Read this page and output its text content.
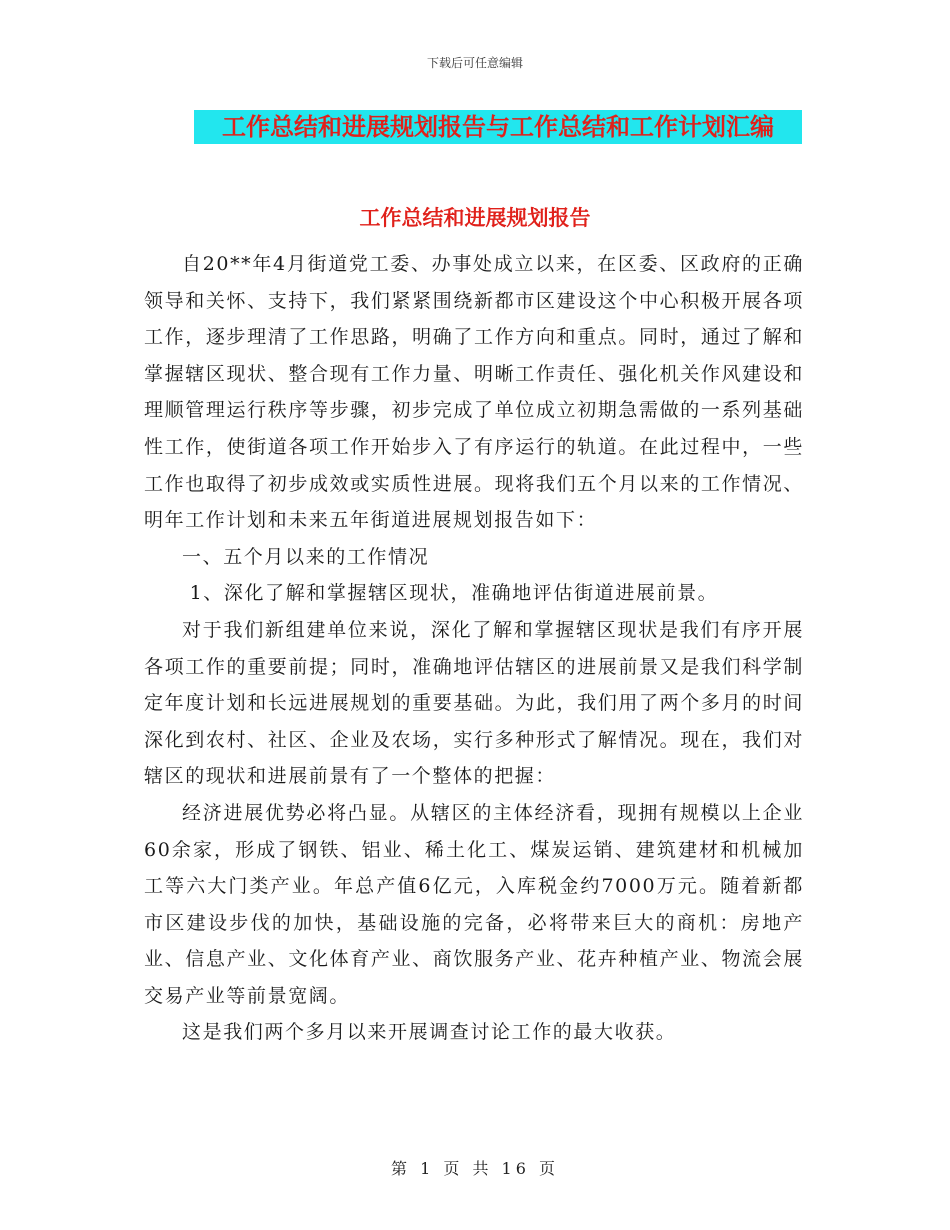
下载后可任意编辑
工作总结和进展规划报告与工作总结和工作计划汇编
工作总结和进展规划报告

自20**年4月街道党工委、办事处成立以来，在区委、区政府的正确领导和关怀、支持下，我们紧紧围绕新都市区建设这个中心积极开展各项工作，逐步理清了工作思路，明确了工作方向和重点。同时，通过了解和掌握辖区现状、整合现有工作力量、明晰工作责任、强化机关作风建设和理顺管理运行秩序等步骤，初步完成了单位成立初期急需做的一系列基础性工作，使街道各项工作开始步入了有序运行的轨道。在此过程中，一些工作也取得了初步成效或实质性进展。现将我们五个月以来的工作情况、明年工作计划和未来五年街道进展规划报告如下：

一、五个月以来的工作情况

1、深化了解和掌握辖区现状，准确地评估街道进展前景。

对于我们新组建单位来说，深化了解和掌握辖区现状是我们有序开展各项工作的重要前提；同时，准确地评估辖区的进展前景又是我们科学制定年度计划和长远进展规划的重要基础。为此，我们用了两个多月的时间深化到农村、社区、企业及农场，实行多种形式了解情况。现在，我们对辖区的现状和进展前景有了一个整体的把握：

经济进展优势必将凸显。从辖区的主体经济看，现拥有规模以上企业60余家，形成了钢铁、铝业、稀土化工、煤炭运销、建筑建材和机械加工等六大门类产业。年总产值6亿元，入库税金约7000万元。随着新都市区建设步伐的加快，基础设施的完备，必将带来巨大的商机：房地产业、信息产业、文化体育产业、商饮服务产业、花卉种植产业、物流会展交易产业等前景宽阔。

这是我们两个多月以来开展调查讨论工作的最大收获。

第 1 页 共 16 页
